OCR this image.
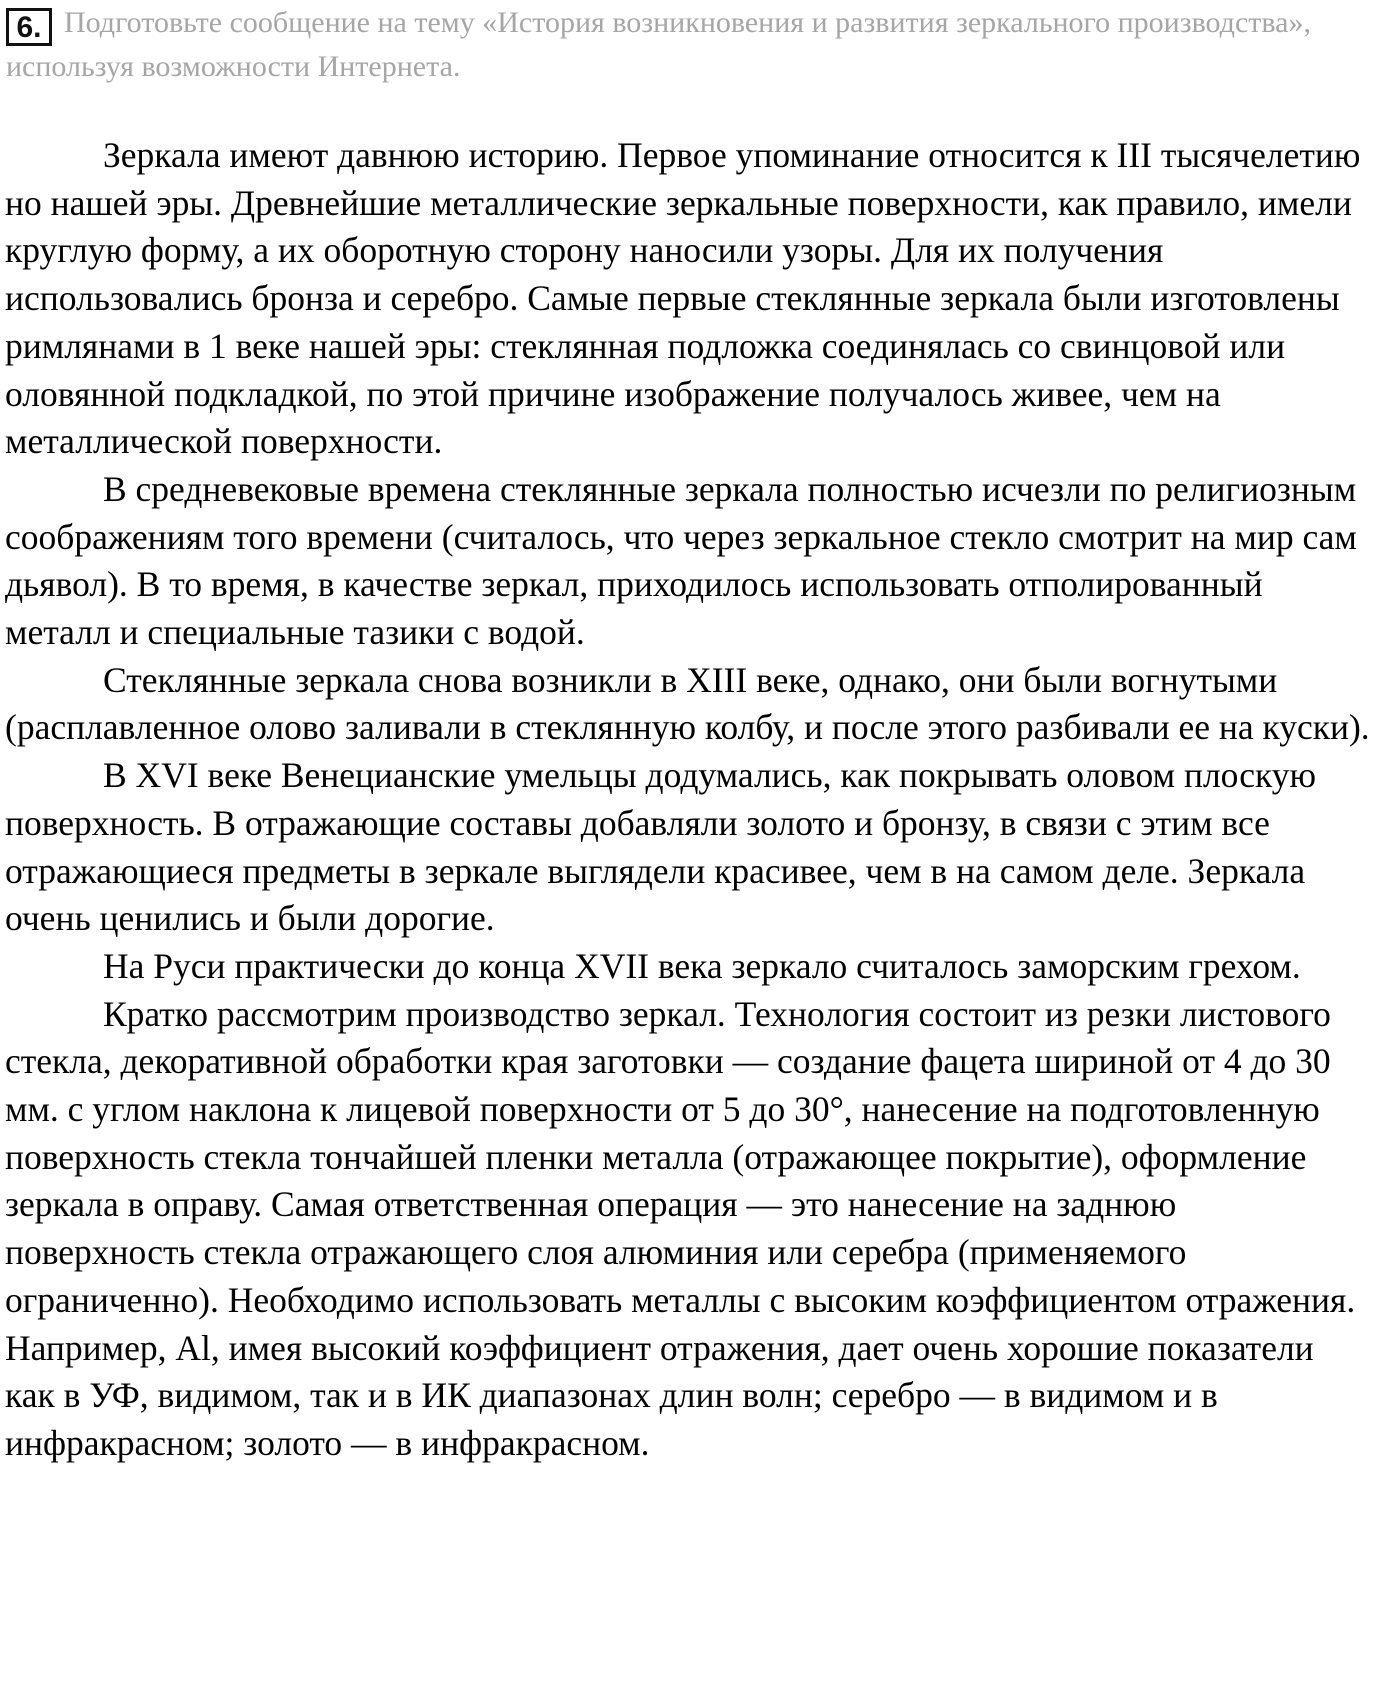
6. Подготовьте сообщение на тему «История возникновения и развития зеркального производства», используя возможности Интернета.

Зеркала имеют давнюю историю. Первое упоминание относится к III тысячелетию но нашей эры. Древнейшие металлические зеркальные поверхности, как правило, имели круглую форму, а их оборотную сторону наносили узоры. Для их получения использовались бронза и серебро. Самые первые стеклянные зеркала были изготовлены римлянами в 1 веке нашей эры: стеклянная подложка соединялась со свинцовой или оловянной подкладкой, по этой причине изображение получалось живее, чем на металлической поверхности.

В средневековые времена стеклянные зеркала полностью исчезли по религиозным соображениям того времени (считалось, что через зеркальное стекло смотрит на мир сам дьявол). В то время, в качестве зеркал, приходилось использовать отполированный металл и специальные тазики с водой.

Стеклянные зеркала снова возникли в XIII веке, однако, они были вогнутыми (расплавленное олово заливали в стеклянную колбу, и после этого разбивали ее на куски).

В XVI веке Венецианские умельцы додумались, как покрывать оловом плоскую поверхность. В отражающие составы добавляли золото и бронзу, в связи с этим все отражающиеся предметы в зеркале выглядели красивее, чем в на самом деле. Зеркала очень ценились и были дорогие.

На Руси практически до конца XVII века зеркало считалось заморским грехом.

Кратко рассмотрим производство зеркал. Технология состоит из резки листового стекла, декоративной обработки края заготовки — создание фацета шириной от 4 до 30 мм. с углом наклона к лицевой поверхности от 5 до 30°, нанесение на подготовленную поверхность стекла тончайшей пленки металла (отражающее покрытие), оформление зеркала в оправу. Самая ответственная операция — это нанесение на заднюю поверхность стекла отражающего слоя алюминия или серебра (применяемого ограниченно). Необходимо использовать металлы с высоким коэффициентом отражения. Например, Al, имея высокий коэффициент отражения, дает очень хорошие показатели как в УФ, видимом, так и в ИК диапазонах длин волн; серебро — в видимом и в инфракрасном; золото — в инфракрасном.
